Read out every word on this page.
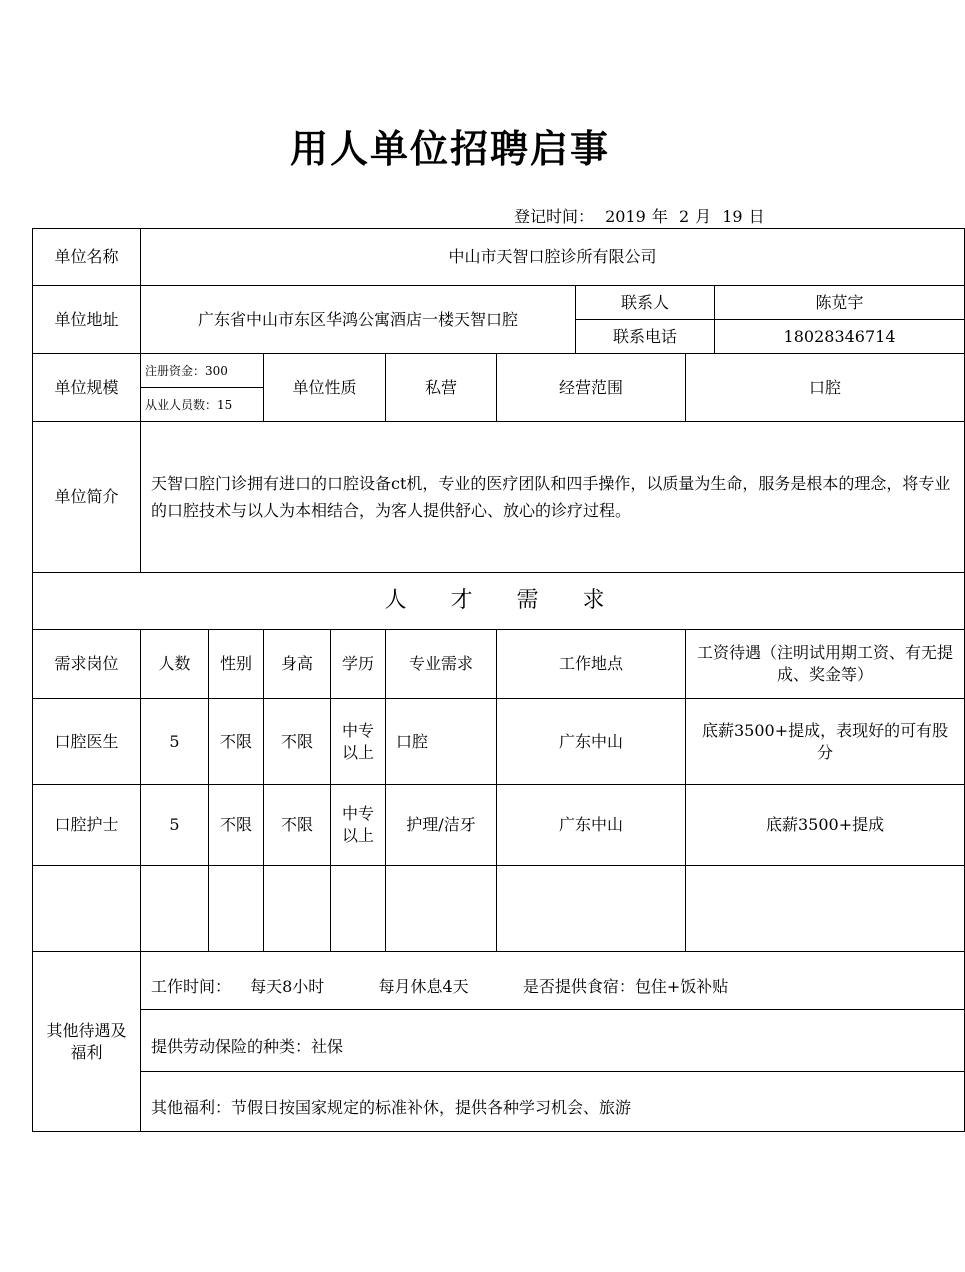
用人单位招聘启事
登记时间： 2019 年 2 月 19 日
单位名称	中山市天智口腔诊所有限公司								
单位地址	广东省中山市东区华鸿公寓酒店一楼天智口腔						联系人		陈苋宇
							联系电话		18028346714
单位规模	注册资金：300		单位性质		私营	经营范围		口腔	
	从业人员数：15								
单位简介	天智口腔门诊拥有进口的口腔设备ct机，专业的医疗团队和四手操作，以质量为生命，服务是根本的理念，将专业的口腔技术与以人为本相结合，为客人提供舒心、放心的诊疗过程。								
人才需求									
需求岗位	人数	性别	身高	学历	专业需求	工作地点		工资待遇（注明试用期工资、有无提成、奖金等）	
口腔医生	5	不限	不限	中专以上	口腔	广东中山		底薪3500+提成，表现好的可有股分	
口腔护士	5	不限	不限	中专以上	护理/洁牙	广东中山		底薪3500+提成	

其他待遇及福利	工作时间： 每天8小时 每月休息4天 是否提供食宿：包住+饭补贴								
	提供劳动保险的种类：社保								
	其他福利：节假日按国家规定的标准补休，提供各种学习机会、旅游								
